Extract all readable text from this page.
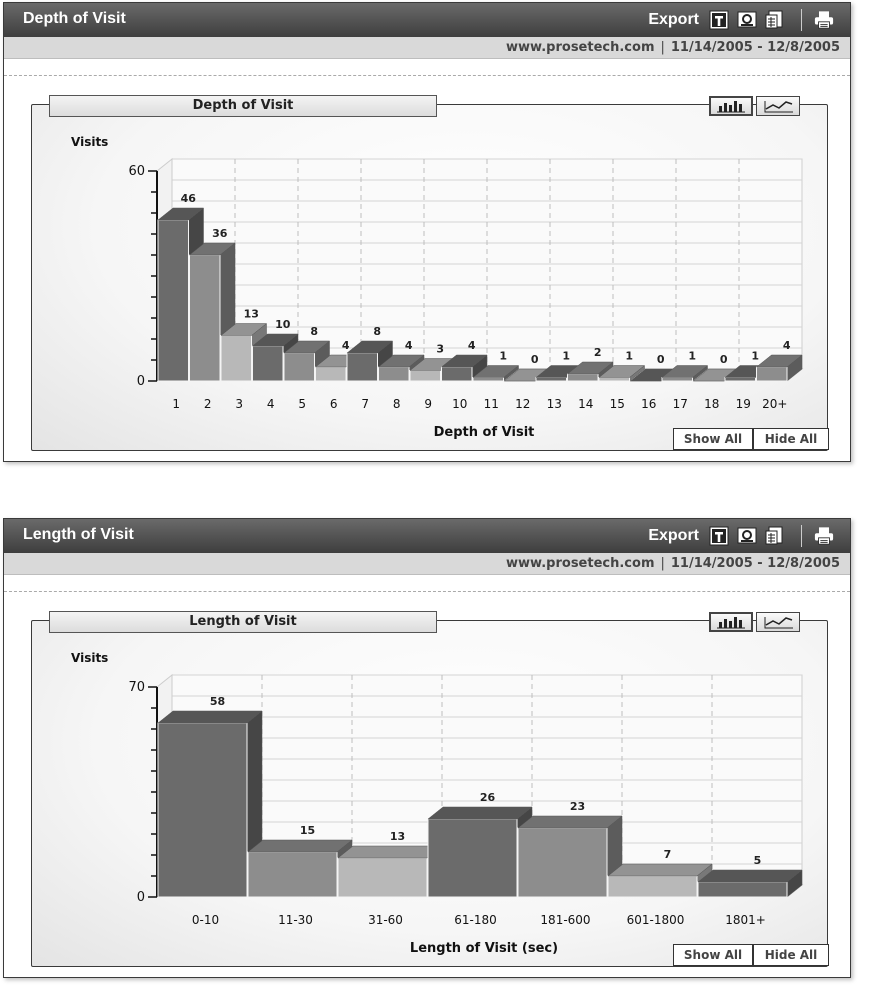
Depth of Visit	Export
www.prosetech.com | 11/14/2005 - 12/8/2005
Depth of Visit
Visits
60
0
46
1
36
2
13
3
10
4
8
5
4
6
8
7
4
8
3
9
4
10
1
11
0
12
1
13
2
14
1
15
0
16
1
17
0
18
1
19
4
20+
Depth of Visit	Show All	Hide All
Length of Visit	Export
www.prosetech.com | 11/14/2005 - 12/8/2005
Length of Visit
Visits
70
0
58
0-10
15
11-30
13
31-60
26
61-180
23
181-600
7
601-1800
5
1801+
Length of Visit (sec)	Show All	Hide All
